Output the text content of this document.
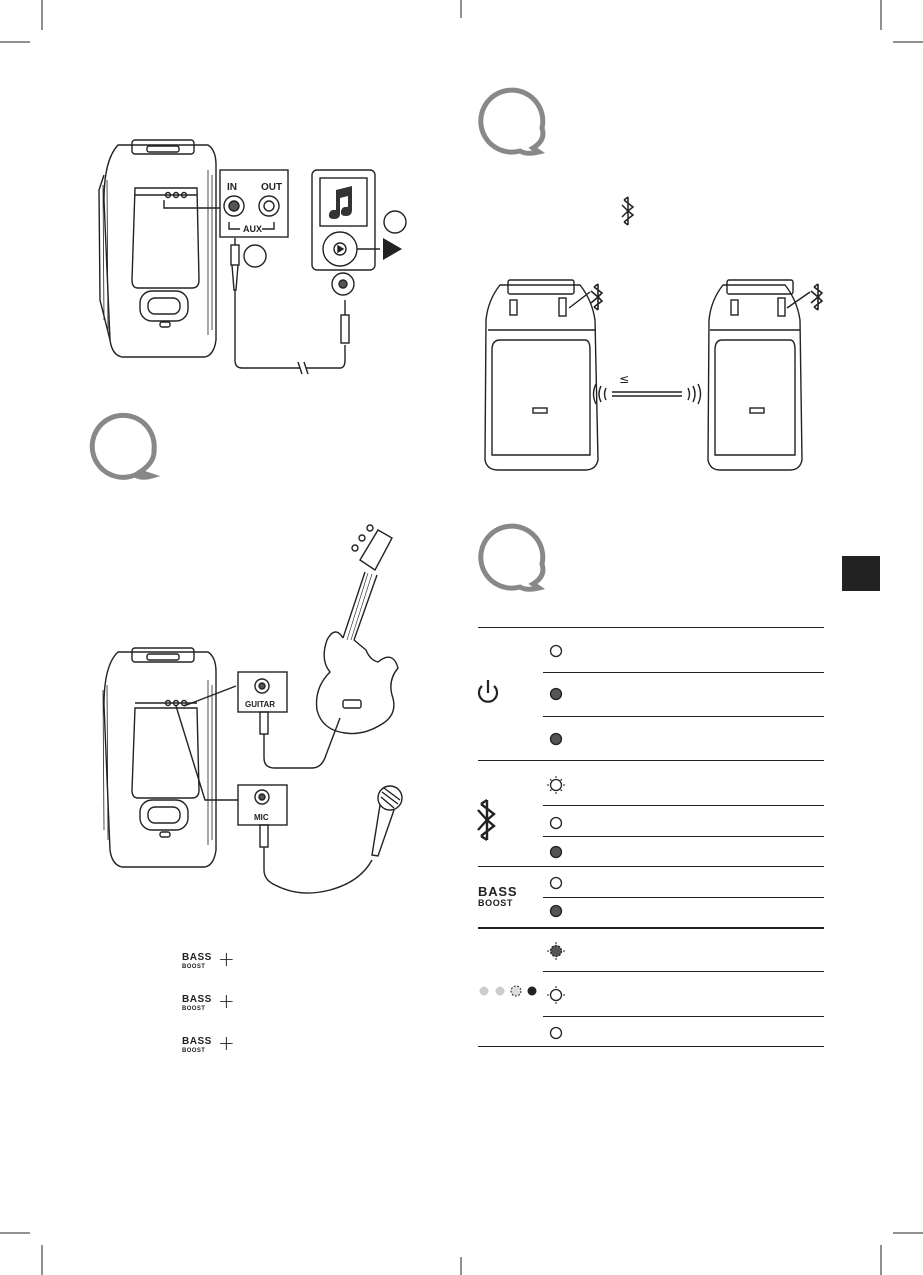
IN OUT
AUX
≤
GUITAR
MIC
BASS
BOOST +
BASS
BOOST +
BASS
BOOST +
BASS
BOOST
